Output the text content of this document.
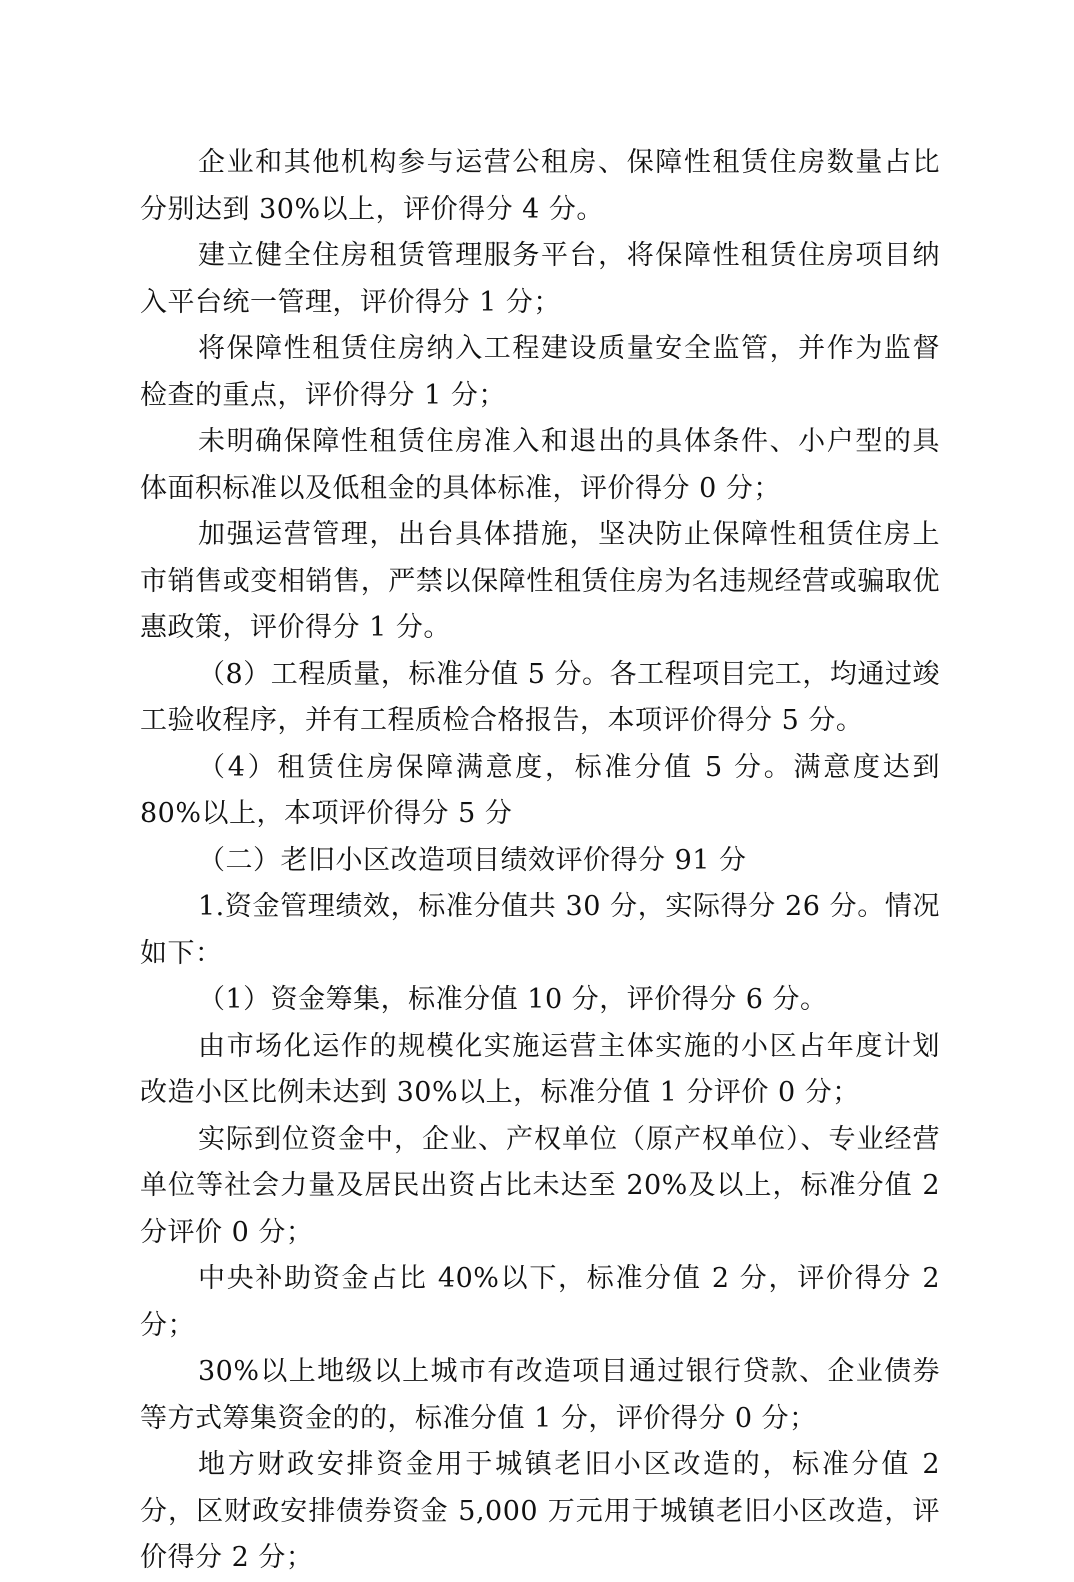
企业和其他机构参与运营公租房、保障性租赁住房数量占比分别达到 30%以上，评价得分 4 分。

建立健全住房租赁管理服务平台，将保障性租赁住房项目纳入平台统一管理，评价得分 1 分；

将保障性租赁住房纳入工程建设质量安全监管，并作为监督检查的重点，评价得分 1 分；

未明确保障性租赁住房准入和退出的具体条件、小户型的具体面积标准以及低租金的具体标准，评价得分 0 分；

加强运营管理，出台具体措施，坚决防止保障性租赁住房上市销售或变相销售，严禁以保障性租赁住房为名违规经营或骗取优惠政策，评价得分 1 分。

（8）工程质量，标准分值 5 分。各工程项目完工，均通过竣工验收程序，并有工程质检合格报告，本项评价得分 5 分。

（4）租赁住房保障满意度，标准分值 5 分。满意度达到 80%以上，本项评价得分 5 分

（二）老旧小区改造项目绩效评价得分 91 分

1.资金管理绩效，标准分值共 30 分，实际得分 26 分。情况如下：

（1）资金筹集，标准分值 10 分，评价得分 6 分。

由市场化运作的规模化实施运营主体实施的小区占年度计划改造小区比例未达到 30%以上，标准分值 1 分评价 0 分；

实际到位资金中，企业、产权单位（原产权单位）、专业经营单位等社会力量及居民出资占比未达至 20%及以上，标准分值 2 分评价 0 分；

中央补助资金占比 40%以下，标准分值 2 分，评价得分 2 分；

30%以上地级以上城市有改造项目通过银行贷款、企业债券等方式筹集资金的的，标准分值 1 分，评价得分 0 分；

地方财政安排资金用于城镇老旧小区改造的，标准分值 2 分，区财政安排债券资金 5,000 万元用于城镇老旧小区改造，评价得分 2 分；
